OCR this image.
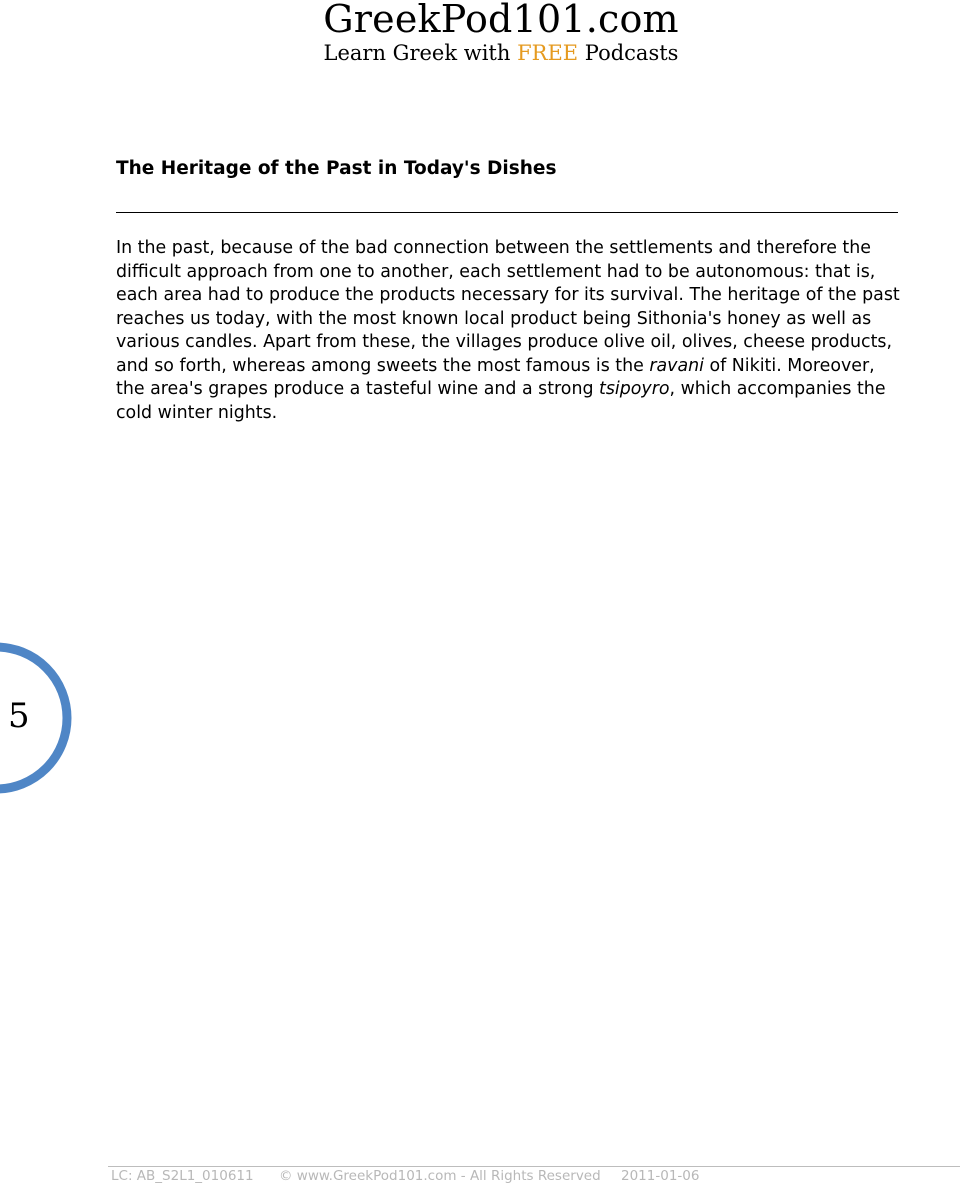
GreekPod101.com
Learn Greek with FREE Podcasts
The Heritage of the Past in Today's Dishes

In the past, because of the bad connection between the settlements and therefore the difficult approach from one to another, each settlement had to be autonomous: that is, each area had to produce the products necessary for its survival. The heritage of the past reaches us today, with the most known local product being Sithonia's honey as well as various candles. Apart from these, the villages produce olive oil, olives, cheese products, and so forth, whereas among sweets the most famous is the ravani of Nikiti. Moreover, the area's grapes produce a tasteful wine and a strong tsipoyro, which accompanies the cold winter nights.

5
LC: AB_S2L1_010611 © www.GreekPod101.com - All Rights Reserved 2011-01-06
